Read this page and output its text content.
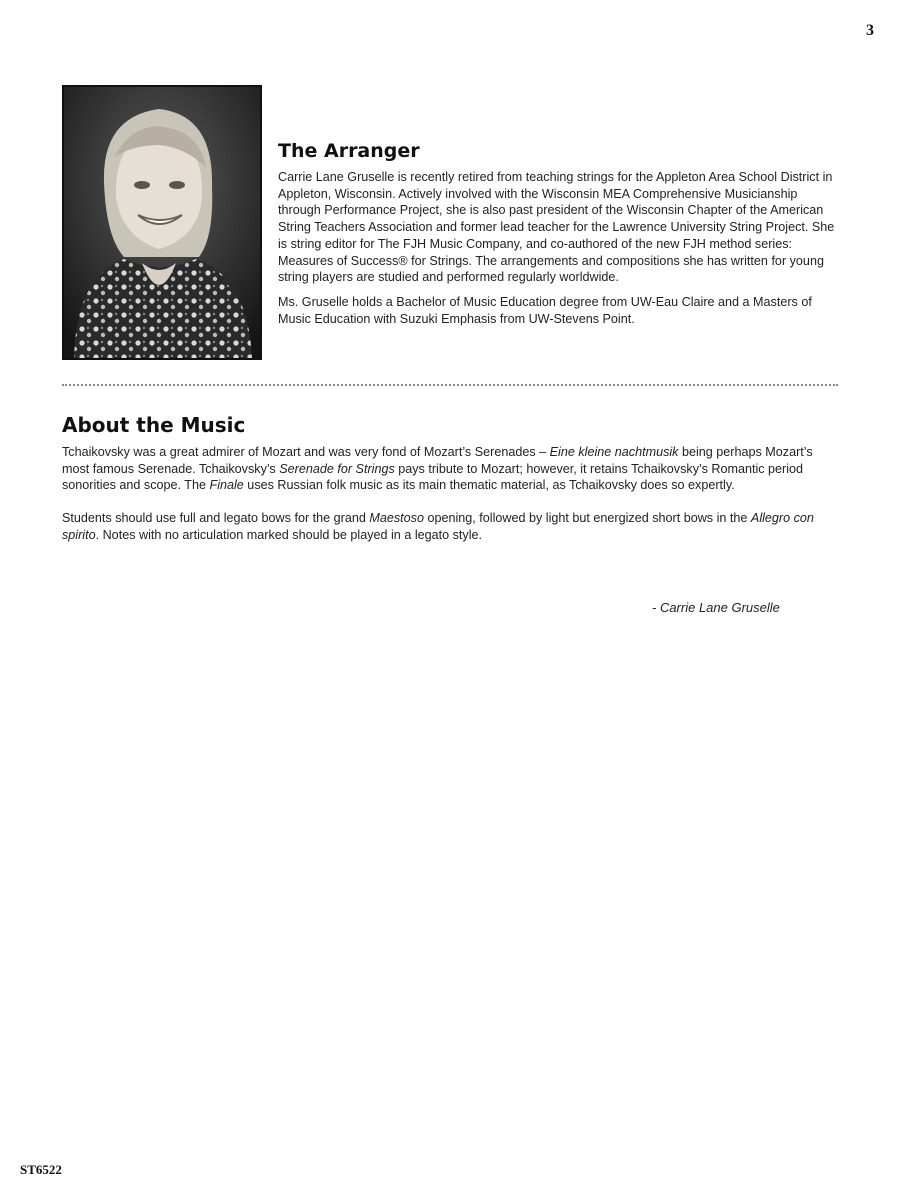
3
The Arranger

Carrie Lane Gruselle is recently retired from teaching strings for the Appleton Area School District in Appleton, Wisconsin. Actively involved with the Wisconsin MEA Comprehensive Musicianship through Performance Project, she is also past president of the Wisconsin Chapter of the American String Teachers Association and former lead teacher for the Lawrence University String Project. She is string editor for The FJH Music Company, and co-authored of the new FJH method series: Measures of Success® for Strings. The arrangements and compositions she has written for young string players are studied and performed regularly worldwide.

Ms. Gruselle holds a Bachelor of Music Education degree from UW-Eau Claire and a Masters of Music Education with Suzuki Emphasis from UW-Stevens Point.

About the Music

Tchaikovsky was a great admirer of Mozart and was very fond of Mozart’s Serenades – Eine kleine nachtmusik being perhaps Mozart’s most famous Serenade. Tchaikovsky’s Serenade for Strings pays tribute to Mozart; however, it retains Tchaikovsky’s Romantic period sonorities and scope. The Finale uses Russian folk music as its main thematic material, as Tchaikovsky does so expertly.

Students should use full and legato bows for the grand Maestoso opening, followed by light but energized short bows in the Allegro con spirito. Notes with no articulation marked should be played in a legato style.

- Carrie Lane Gruselle
ST6522
